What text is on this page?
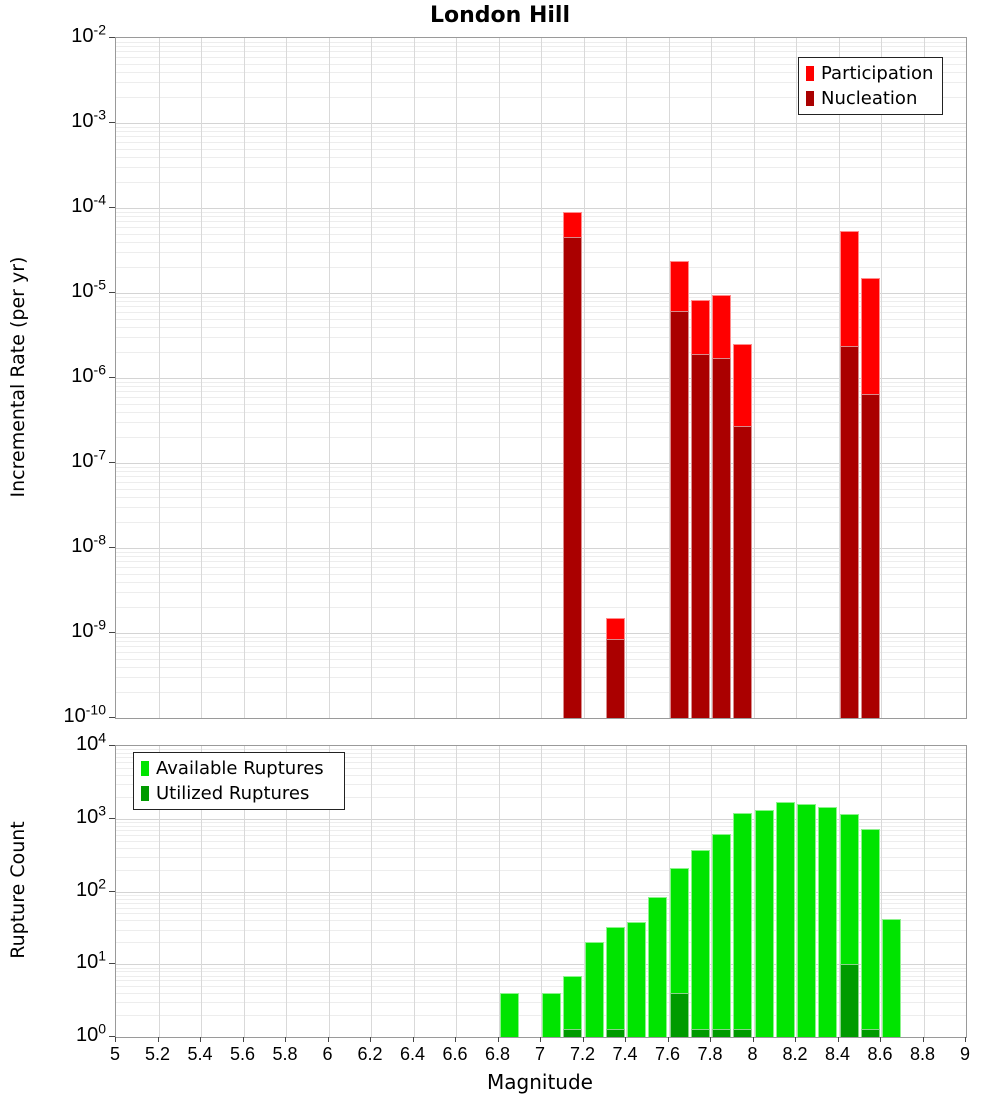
London Hill
Incremental Rate (per yr)
Rupture Count
Participation
Nucleation
Available Ruptures
Utilized Ruptures
Magnitude
$10^{-2}$
$10^{-3}$
$10^{-4}$
$10^{-5}$
$10^{-6}$
$10^{-7}$
$10^{-8}$
$10^{-9}$
$10^{-10}$
$10^4$
$10^3$
$10^2$
$10^1$
$10^0$
5	5.2 5.4 5.6 5.8	6	6.2 6.4 6.6 6.8	7	7.2 7.4 7.6 7.8	8	8.2 8.4 8.6 8.8	9
